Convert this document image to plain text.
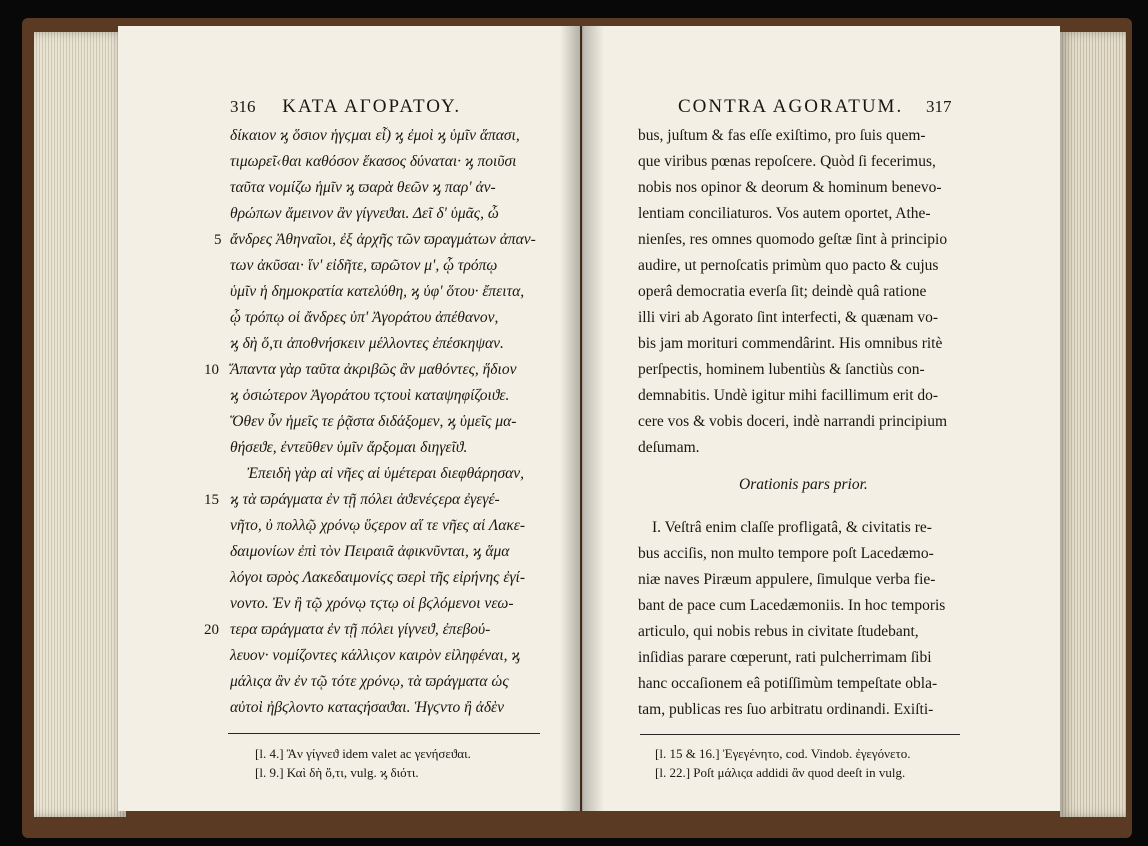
316 ΚΑΤΑ ΑΓΟΡΑΤΟΥ.
δίκαιον ϗ ὅσιον ἡγϛμαι εἶ) ϗ ἐμοὶ ϗ ὑμῖν ἅπασι,
τιμωρεῖ‹θαι καθόσον ἕκασος δύναται· ϗ ποιῦσι
ταῦτα νομίζω ἡμῖν ϗ ϖαρὰ θεῶν ϗ παρ' ἀν-
θρώπων ἄμεινον ἂν γίγνεϑαι. Δεῖ δ' ὑμᾶς, ὦ
ἄνδρες Ἀθηναῖοι, ἐξ ἀρχῆς τῶν ϖραγμάτων ἀπαν-
των ἀκῦσαι· ἵν' εἰδῆτε, ϖρῶτον μ', ᾧ τρόπῳ
ὑμῖν ἡ δημοκρατία κατελύθη, ϗ ὑφ' ὅτου· ἔπειτα,
ᾧ τρόπῳ οἱ ἄνδρες ὑπ' Ἀγοράτου ἀπέθανον,
ϗ δὴ ὅ,τι ἀποθνήσκειν μέλλοντες ἐπέσκηψαν.
Ἅπαντα γὰρ ταῦτα ἀκριβῶς ἂν μαθόντες, ἥδιον
ϗ ὁσιώτερον Ἀγοράτου τϛτουὶ καταψηφίζοιϑε.
Ὅθεν ὖν ἡμεῖς τε ῥᾷστα διδάξομεν, ϗ ὑμεῖς μα-
θήσεϑε, ἐντεῦθεν ὑμῖν ἄρξομαι διηγεῖϑ.
Ἐπειδὴ γὰρ αἱ νῆες αἱ ὑμέτεραι διεφθάρησαν,
ϗ τὰ ϖράγματα ἐν τῇ πόλει ἀϑενέϛερα ἐγεγέ-
νῆτο, ὐ πολλῷ χρόνῳ ὕϛερον αἵ τε νῆες αἱ Λακε-
δαιμονίων ἐπὶ τὸν Πειραιᾶ ἀφικνῦνται, ϗ ἅμα
λόγοι ϖρὸς Λακεδαιμονίϛς ϖερὶ τῆς εἰρήνης ἐγί-
νοντο. Ἐν ἢ τῷ χρόνῳ τϛτῳ οἱ βϛλόμενοι νεω-
τερα ϖράγματα ἐν τῇ πόλει γίγνεϑ, ἐπεβού-
λευον· νομίζοντες κάλλιςον καιρὸν εἰληφέναι, ϗ
μάλιςα ἂν ἐν τῷ τότε χρόνῳ, τὰ ϖράγματα ὡς
αὐτοὶ ἠβϛλοντο καταςήσαϑαι. Ἡγϛντο ἢ ἀδὲν
5
10
15
20
[l. 4.] Ἂν γίγνεϑ idem valet ac γενήσεϑαι.
[l. 9.] Καὶ δὴ ὅ,τι, vulg. ϗ διότι.
CONTRA AGORATUM. 317
bus, juſtum & fas eſſe exiſtimo, pro ſuis quem-
que viribus pœnas repoſcere. Quòd ſi fecerimus,
nobis nos opinor & deorum & hominum benevo-
lentiam conciliaturos. Vos autem oportet, Athe-
nienſes, res omnes quomodo geſtæ ſint à principio
audire, ut pernoſcatis primùm quo pacto & cujus
operâ democratia everſa ſit; deindè quâ ratione
illi viri ab Agorato ſint interfecti, & quænam vo-
bis jam morituri commendârint. His omnibus ritè
perſpectis, hominem lubentiùs & ſanctiùs con-
demnabitis. Undè igitur mihi facillimum erit do-
cere vos & vobis doceri, indè narrandi principium
deſumam.
Orationis pars prior.
I. Veſtrâ enim claſſe profligatâ, & civitatis re-
bus acciſis, non multo tempore poſt Lacedæmo-
niæ naves Piræum appulere, ſimulque verba fie-
bant de pace cum Lacedæmoniis. In hoc temporis
articulo, qui nobis rebus in civitate ſtudebant,
inſidias parare cœperunt, rati pulcherrimam ſibi
hanc occaſionem eâ potiſſimùm tempeſtate obla-
tam, publicas res ſuo arbitratu ordinandi. Exiſti-
[l. 15 & 16.] Ἐγεγένητο, cod. Vindob. ἐγεγόνετο.
[l. 22.] Poſt μάλιςα addidi ἂν quod deeſt in vulg.
